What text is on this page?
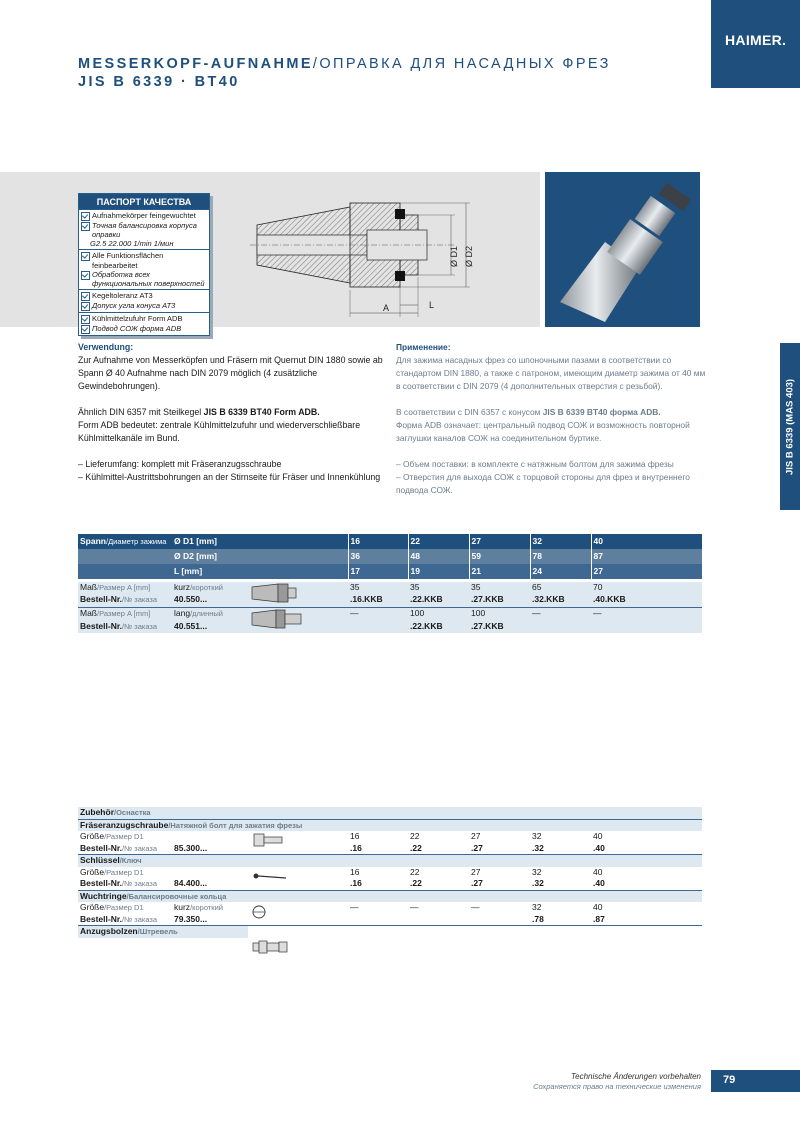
HAIMER.
MESSERKOPF-AUFNAHME/ОПРАВКА ДЛЯ НАСАДНЫХ ФРЕЗ
JIS B 6339 · BT40
ПАСПОРТ КАЧЕСТВА
Aufnahmekörper feingewuchtet
Точная балансировка корпуса оправки
G2.5 22.000 1/min 1/мин
Alle Funktionsflächen feinbearbeitet
Обработка всех функциональных поверхностей
Kegeltoleranz AT3
Допуск угла конуса AT3
Kühlmittelzufuhr Form ADB
Подвод СОЖ форма ADB
Ø D1 Ø D2
A	L

Verwendung:

Zur Aufnahme von Messerköpfen und Fräsern mit Quernut DIN 1880 sowie ab Spann Ø 40 Aufnahme nach DIN 2079 möglich (4 zusätzliche Gewindebohrungen).

Ähnlich DIN 6357 mit Steilkegel JIS B 6339 BT40 Form ADB.

Form ADB bedeutet: zentrale Kühlmittelzufuhr und wiederverschließbare Kühlmittelkanäle im Bund.

– Lieferumfang: komplett mit Fräseranzugsschraube

– Kühlmittel-Austrittsbohrungen an der Stirnseite für Fräser und Innenkühlung

Применение:

Для зажима насадных фрез со шпоночными пазами в соответствии со стандартом DIN 1880, а также с патроном, имеющим диаметр зажима от 40 мм в соответствии с DIN 2079 (4 дополнительных отверстия с резьбой).

В соответствии с DIN 6357 с конусом JIS B 6339 BT40 форма ADB.

Форма ADB означает: центральный подвод СОЖ и возможность повторной заглушки каналов СОЖ на соединительном буртике.

– Объем поставки: в комплекте с натяжным болтом для зажима фрезы

– Отверстия для выхода СОЖ с торцовой стороны для фрез и внутреннего подвода СОЖ.

JIS B 6339 (MAS 403)
Spann/Диаметр зажима	Ø D1 [mm]	16	22	27	32	40
	Ø D2 [mm]	36	48	59	78	87
	L [mm]	17	19	21	24	27
Maß/Размер A [mm]	kurz/короткий		35	35	35	65	70
Bestell-Nr./№ заказа	40.550...		.16.KKB	.22.KKB	.27.KKB	.32.KKB	.40.KKB
Maß/Размер A [mm]	lang/длинный		—	100	100	—	—
Bestell-Nr./№ заказа	40.551...			.22.KKB	.27.KKB		
Zubehör/Оснастка							
Fräseranzugschraube/Натяжной болт для зажатия фрезы							
Größe/Размер D1			16	22	27	32	40
Bestell-Nr./№ заказа	85.300...		.16	.22	.27	.32	.40
Schlüssel/Ключ							
Größe/Размер D1			16	22	27	32	40
Bestell-Nr./№ заказа	84.400...		.16	.22	.27	.32	.40
Wuchtringe/Балансировочные кольца							
Größe/Размер D1	kurz/короткий		—	—	—	32	40
Bestell-Nr./№ заказа	79.350...					.78	.87
Anzugsbolzen/Штревель							

Technische Änderungen vorbehalten
Сохраняется право на технические изменения
79
